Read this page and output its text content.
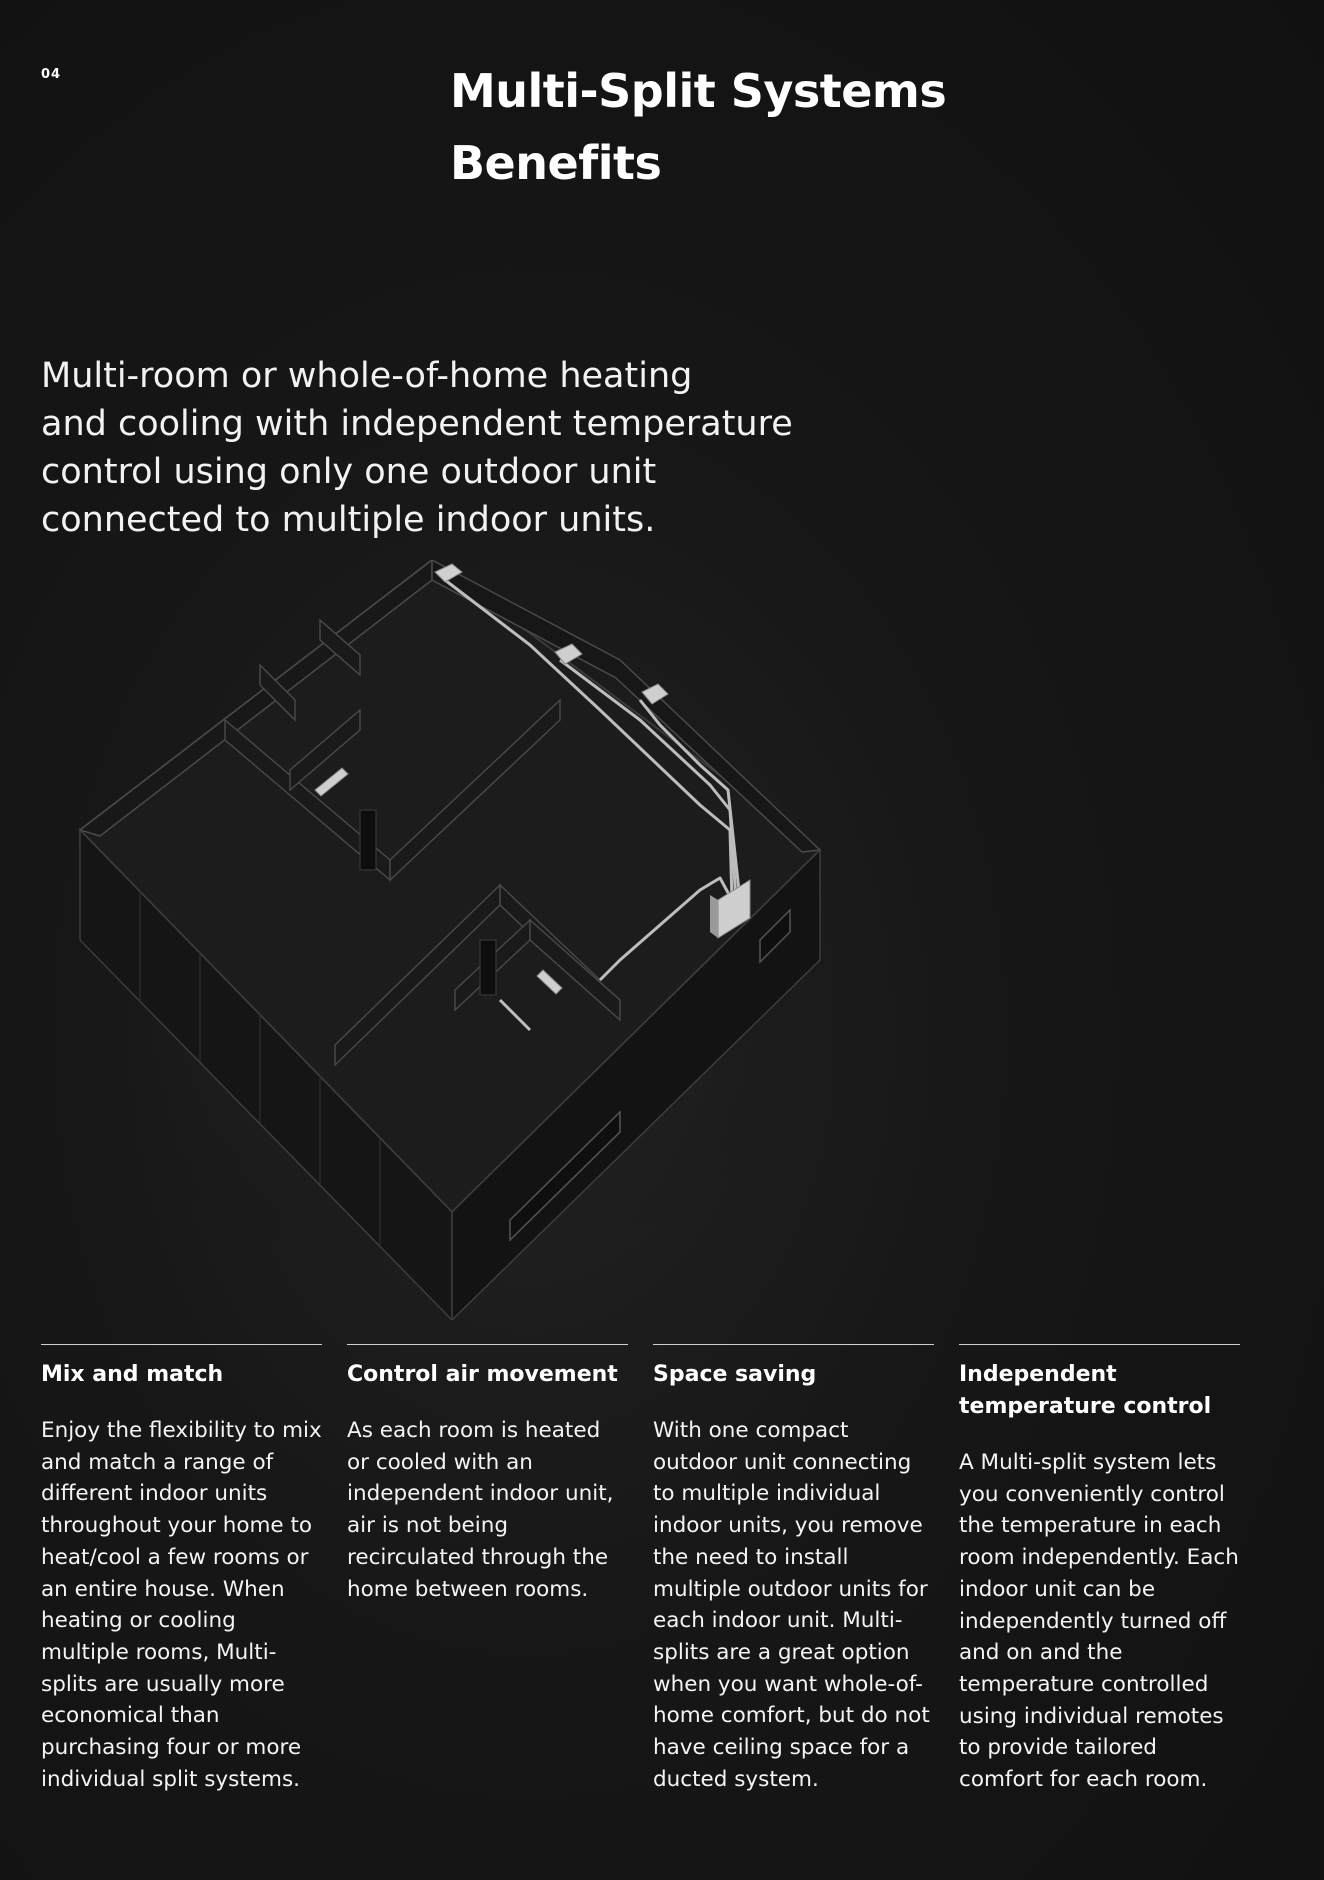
04	Multi-Split Systems
Benefits

Multi-room or whole-of-home heating
and cooling with independent temperature
control using only one outdoor unit
connected to multiple indoor units.

Mix and match

Enjoy the flexibility to mix and match a range of different indoor units throughout your home to heat/cool a few rooms or an entire house. When heating or cooling multiple rooms, Multi-splits are usually more economical than purchasing four or more individual split systems.

Control air movement

As each room is heated or cooled with an independent indoor unit, air is not being recirculated through the home between rooms.

Space saving

With one compact outdoor unit connecting to multiple individual indoor units, you remove the need to install multiple outdoor units for each indoor unit. Multi-splits are a great option when you want whole-of-home comfort, but do not have ceiling space for a ducted system.

Independent temperature control

A Multi-split system lets you conveniently control the temperature in each room independently. Each indoor unit can be independently turned off and on and the temperature controlled using individual remotes to provide tailored comfort for each room.
